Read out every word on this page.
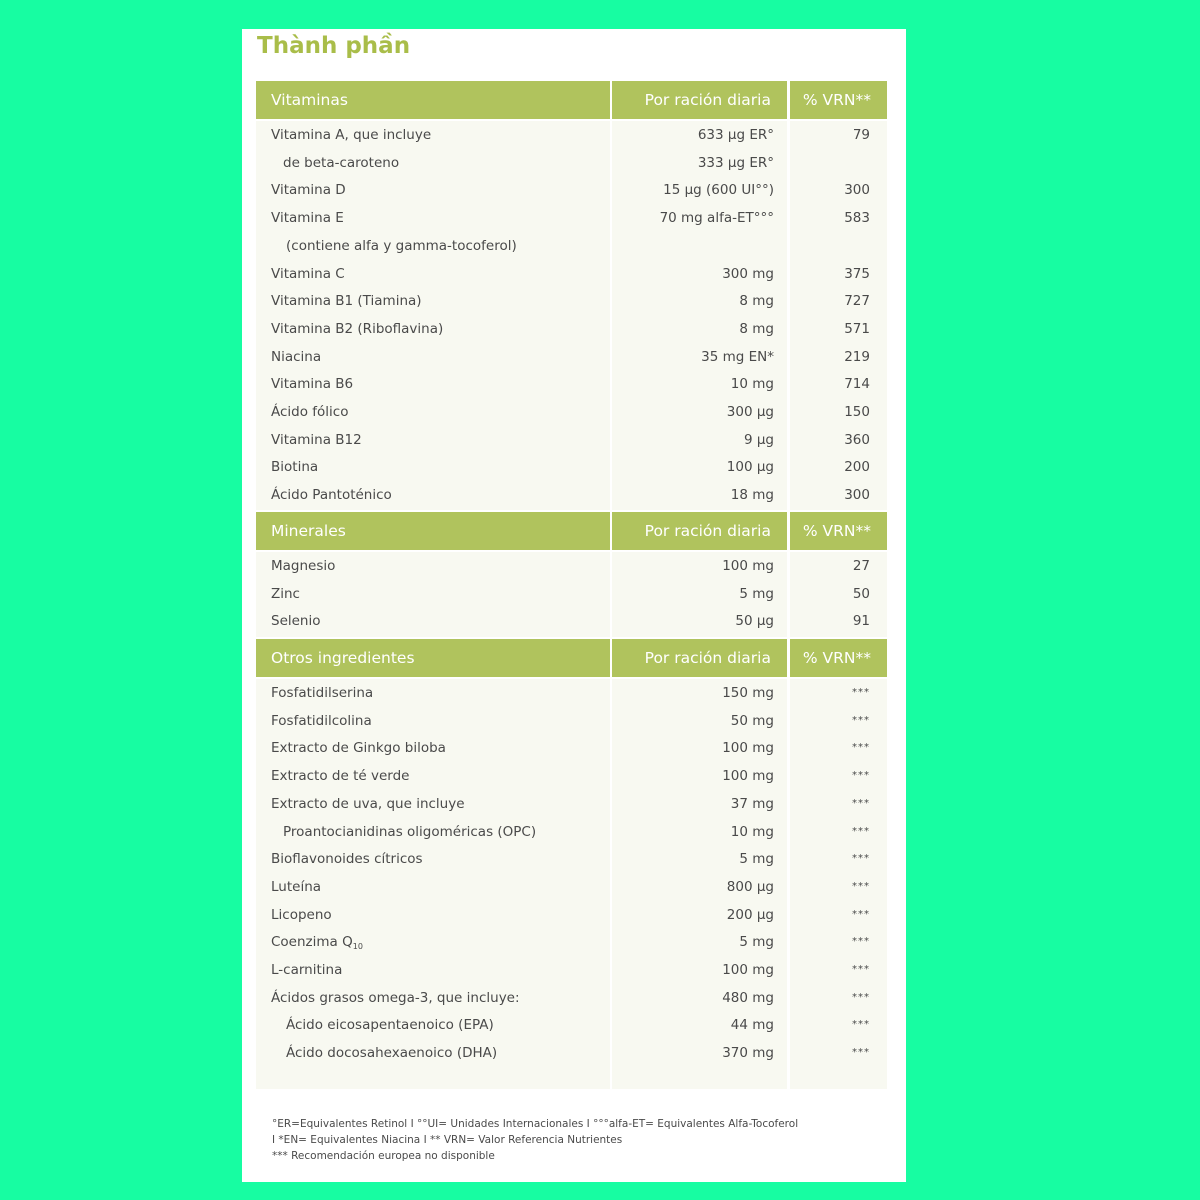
Thành phần
Vitaminas	Por ración diaria	% VRN**
Vitamina A, que incluye	633 µg ER°	79
de beta-caroteno	333 µg ER°
Vitamina D	15 µg (600 UI°°)	300
Vitamina E	70 mg alfa-ET°°°	583
(contiene alfa y gamma-tocoferol)
Vitamina C	300 mg	375
Vitamina B1 (Tiamina)	8 mg	727
Vitamina B2 (Riboflavina)	8 mg	571
Niacina	35 mg EN*	219
Vitamina B6	10 mg	714
Ácido fólico	300 µg	150
Vitamina B12	9 µg	360
Biotina	100 µg	200
Ácido Pantoténico	18 mg	300
Minerales	Por ración diaria	% VRN**
Magnesio	100 mg	27
Zinc	5 mg	50
Selenio	50 µg	91
Otros ingredientes	Por ración diaria	% VRN**
Fosfatidilserina	150 mg	***
Fosfatidilcolina	50 mg	***
Extracto de Ginkgo biloba	100 mg	***
Extracto de té verde	100 mg	***
Extracto de uva, que incluye	37 mg	***
Proantocianidinas oligoméricas (OPC)	10 mg	***
Bioflavonoides cítricos	5 mg	***
Luteína	800 µg	***
Licopeno	200 µg	***
Coenzima $Q_{10}$	5 mg	***
L-carnitina	100 mg	***
Ácidos grasos omega-3, que incluye:	480 mg	***
Ácido eicosapentaenoico (EPA)	44 mg	***
Ácido docosahexaenoico (DHA)	370 mg	***
°ER=Equivalentes Retinol I °°UI= Unidades Internacionales I °°°alfa-ET= Equivalentes Alfa-Tocoferol
I *EN= Equivalentes Niacina I ** VRN= Valor Referencia Nutrientes
*** Recomendación europea no disponible
